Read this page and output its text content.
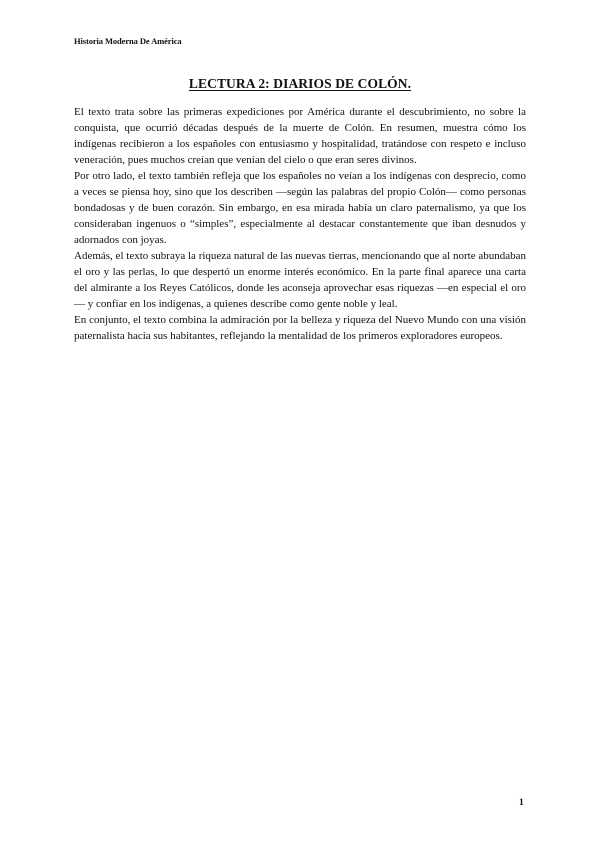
Historia Moderna De América
LECTURA 2: DIARIOS DE COLÓN.

El texto trata sobre las primeras expediciones por América durante el descubrimiento, no sobre la conquista, que ocurrió décadas después de la muerte de Colón. En resumen, muestra cómo los indígenas recibieron a los españoles con entusiasmo y hospitalidad, tratándose con respeto e incluso veneración, pues muchos creían que venían del cielo o que eran seres divinos.

Por otro lado, el texto también refleja que los españoles no veían a los indígenas con desprecio, como a veces se piensa hoy, sino que los describen —según las palabras del propio Colón— como personas bondadosas y de buen corazón. Sin embargo, en esa mirada había un claro paternalismo, ya que los consideraban ingenuos o “simples”, especialmente al destacar constantemente que iban desnudos y adornados con joyas.

Además, el texto subraya la riqueza natural de las nuevas tierras, mencionando que al norte abundaban el oro y las perlas, lo que despertó un enorme interés económico. En la parte final aparece una carta del almirante a los Reyes Católicos, donde les aconseja aprovechar esas riquezas —en especial el oro— y confiar en los indígenas, a quienes describe como gente noble y leal.

En conjunto, el texto combina la admiración por la belleza y riqueza del Nuevo Mundo con una visión paternalista hacia sus habitantes, reflejando la mentalidad de los primeros exploradores europeos.

1
